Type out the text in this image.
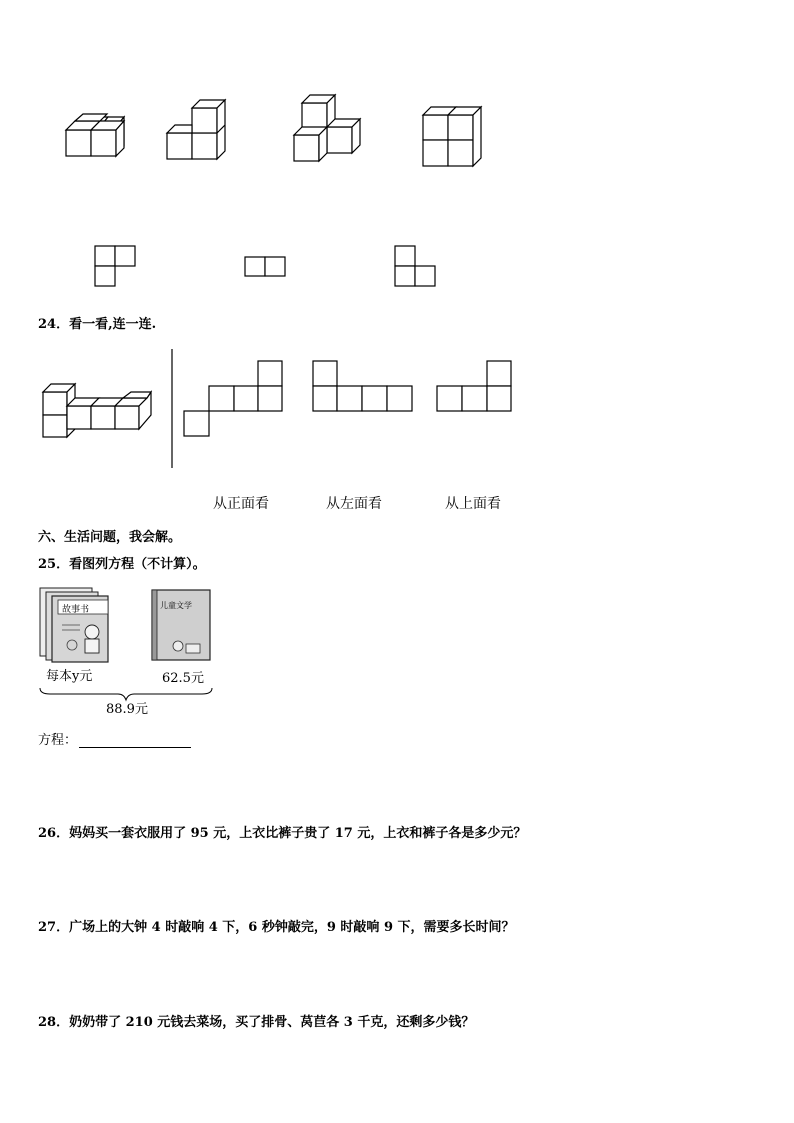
24．看一看,连一连.
从正面看	从左面看	从上面看
六、生活问题，我会解。
25．看图列方程（不计算）。
故事书	儿童文学
每本y元	62.5元
88.9元
方程：
26．妈妈买一套衣服用了 95 元，上衣比裤子贵了 17 元，上衣和裤子各是多少元？
27．广场上的大钟 4 时敲响 4 下，6 秒钟敲完，9 时敲响 9 下，需要多长时间？
28．奶奶带了 210 元钱去菜场，买了排骨、莴苣各 3 千克，还剩多少钱？
